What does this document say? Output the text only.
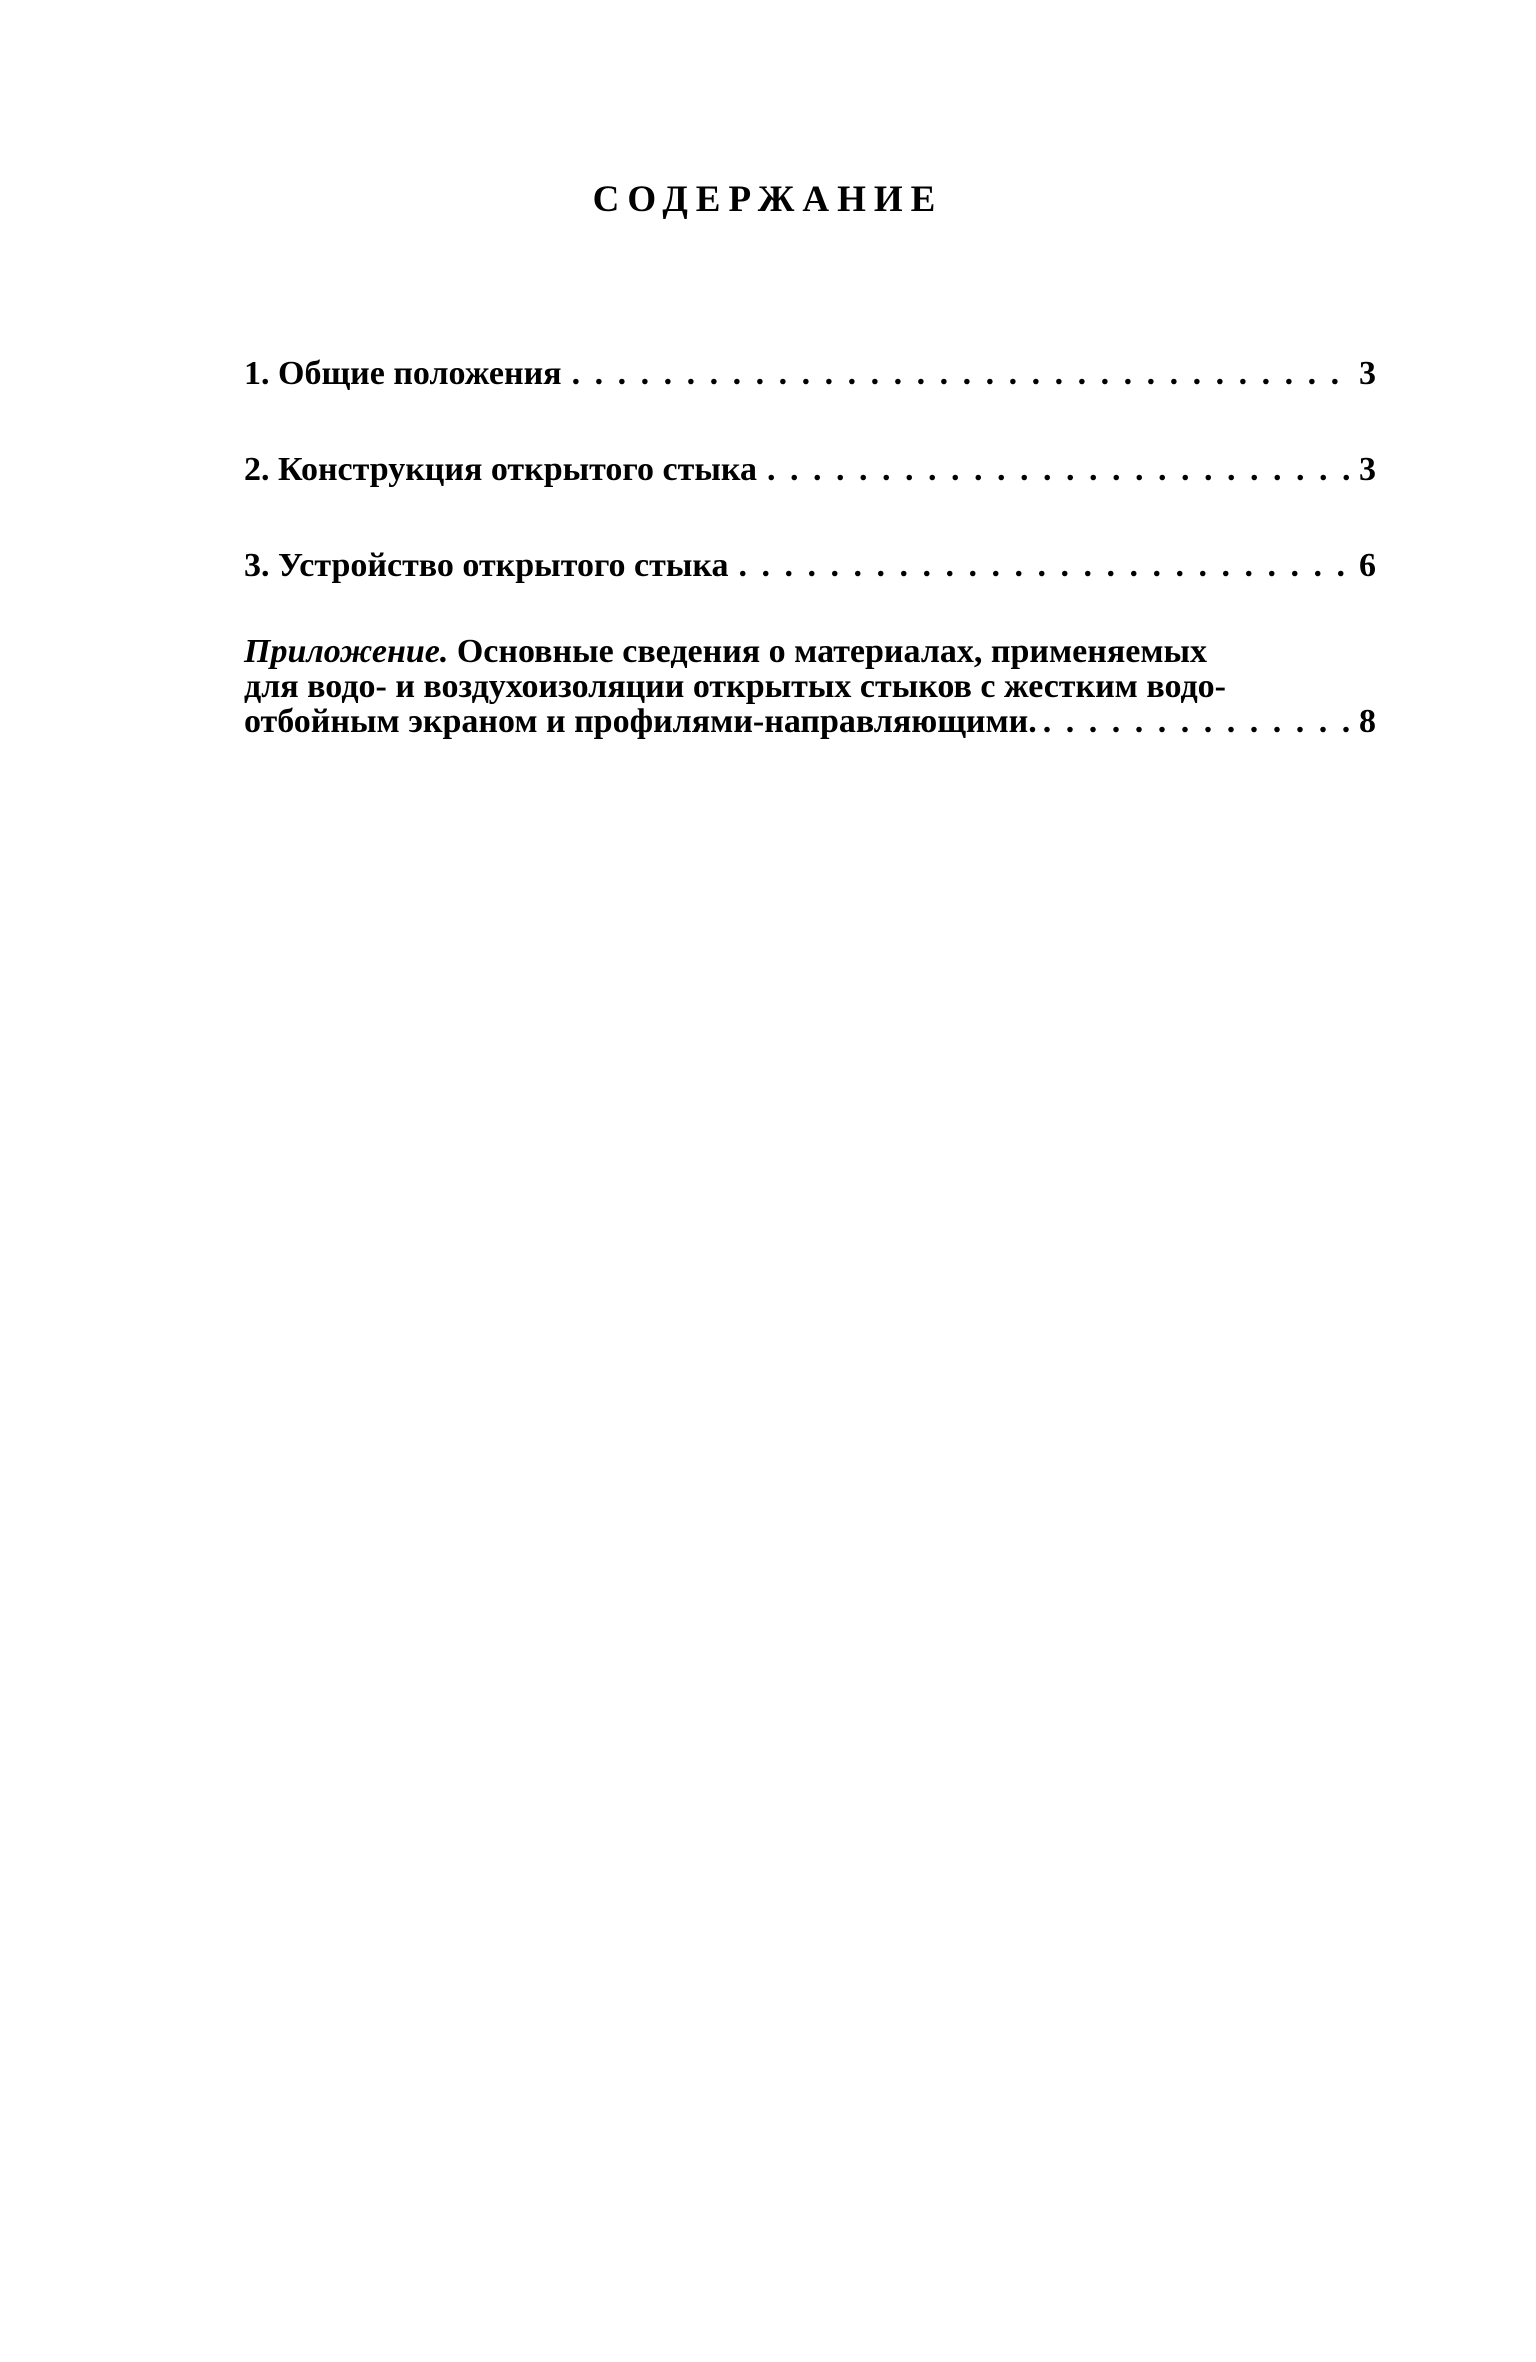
СОДЕРЖАНИЕ
1. Общие положения . . .	3
2. Конструкция открытого стыка . . .	3
3. Устройство открытого стыка . . .	6
Приложение. Основные сведения о материалах, применяемых
для водо- и воздухоизоляции открытых стыков с жестким водо-
отбойным экраном и профилями-направляющими. . . .	8
